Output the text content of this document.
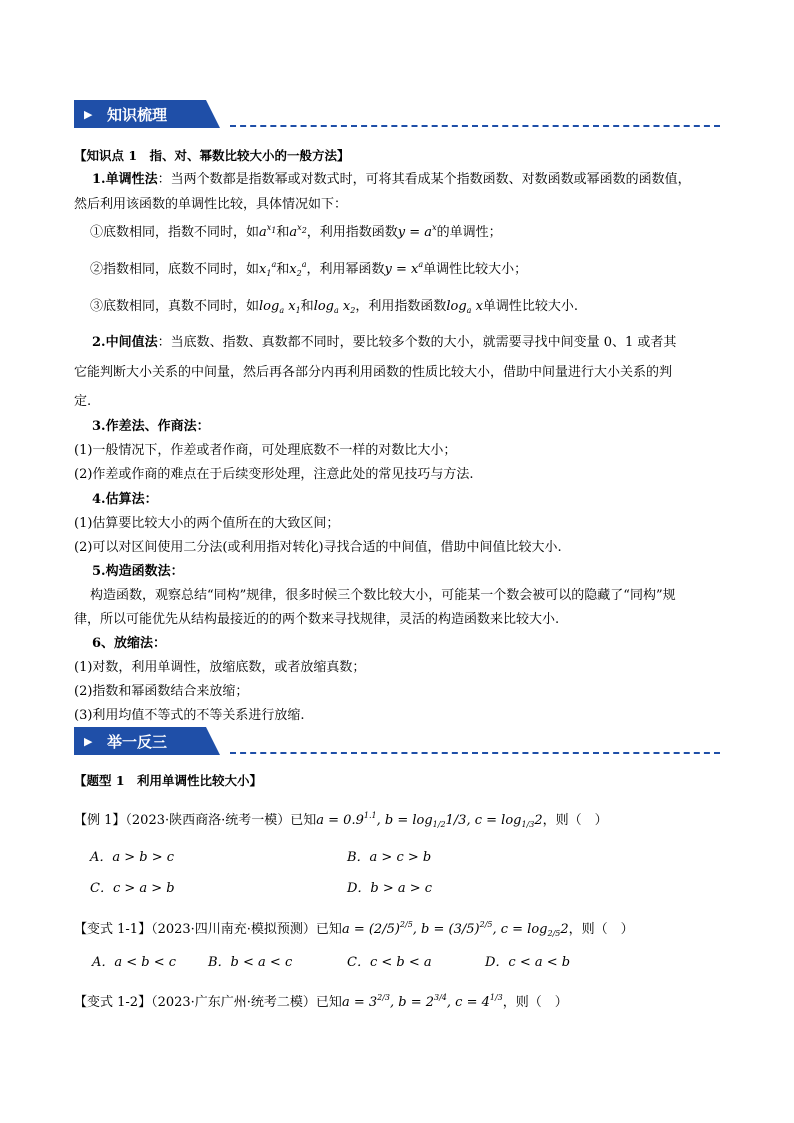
▶ 知识梳理
【知识点 1　指、对、幂数比较大小的一般方法】
1.单调性法：当两个数都是指数幂或对数式时，可将其看成某个指数函数、对数函数或幂函数的函数值，
然后利用该函数的单调性比较，具体情况如下：
①底数相同，指数不同时，如$a^{x_1}$和$a^{x_2}$，利用指数函数$y = a^x$的单调性；
②指数相同，底数不同时，如$x_1^a$和$x_2^a$，利用幂函数$y = x^a$单调性比较大小；
③底数相同，真数不同时，如$\log_a x_1$和$\log_a x_2$，利用指数函数$\log_a x$单调性比较大小.
2.中间值法：当底数、指数、真数都不同时，要比较多个数的大小，就需要寻找中间变量 0、1 或者其
它能判断大小关系的中间量，然后再各部分内再利用函数的性质比较大小，借助中间量进行大小关系的判
定.
3.作差法、作商法：
(1)一般情况下，作差或者作商，可处理底数不一样的对数比大小；
(2)作差或作商的难点在于后续变形处理，注意此处的常见技巧与方法.
4.估算法：
(1)估算要比较大小的两个值所在的大致区间；
(2)可以对区间使用二分法(或利用指对转化)寻找合适的中间值，借助中间值比较大小.
5.构造函数法：
构造函数，观察总结“同构”规律，很多时候三个数比较大小，可能某一个数会被可以的隐藏了“同构”规
律，所以可能优先从结构最接近的的两个数来寻找规律，灵活的构造函数来比较大小.
6、放缩法：
(1)对数，利用单调性，放缩底数，或者放缩真数；
(2)指数和幂函数结合来放缩；
(3)利用均值不等式的不等关系进行放缩.
▶ 举一反三
【题型 1　利用单调性比较大小】
【例 1】（2023·陕西商洛·统考一模）已知$a = 0.9^{1.1}$, $b = \log_{1/2}1/3$, $c = \log_{1/3}2$，则（　）
A．a > b > c	B．a > c > b
C．c > a > b	D．b > a > c
【变式 1-1】（2023·四川南充·模拟预测）已知$a = (2/5)^{2/5}$, $b = (3/5)^{2/5}$, $c = \log_{2/5}2$，则（　）
A．a < b < c B．b < a < c	C．c < b < a	D．c < a < b
【变式 1-2】（2023·广东广州·统考二模）已知$a = 3^{2/3}$, $b = 2^{3/4}$, $c = 4^{1/3}$，则（　）
